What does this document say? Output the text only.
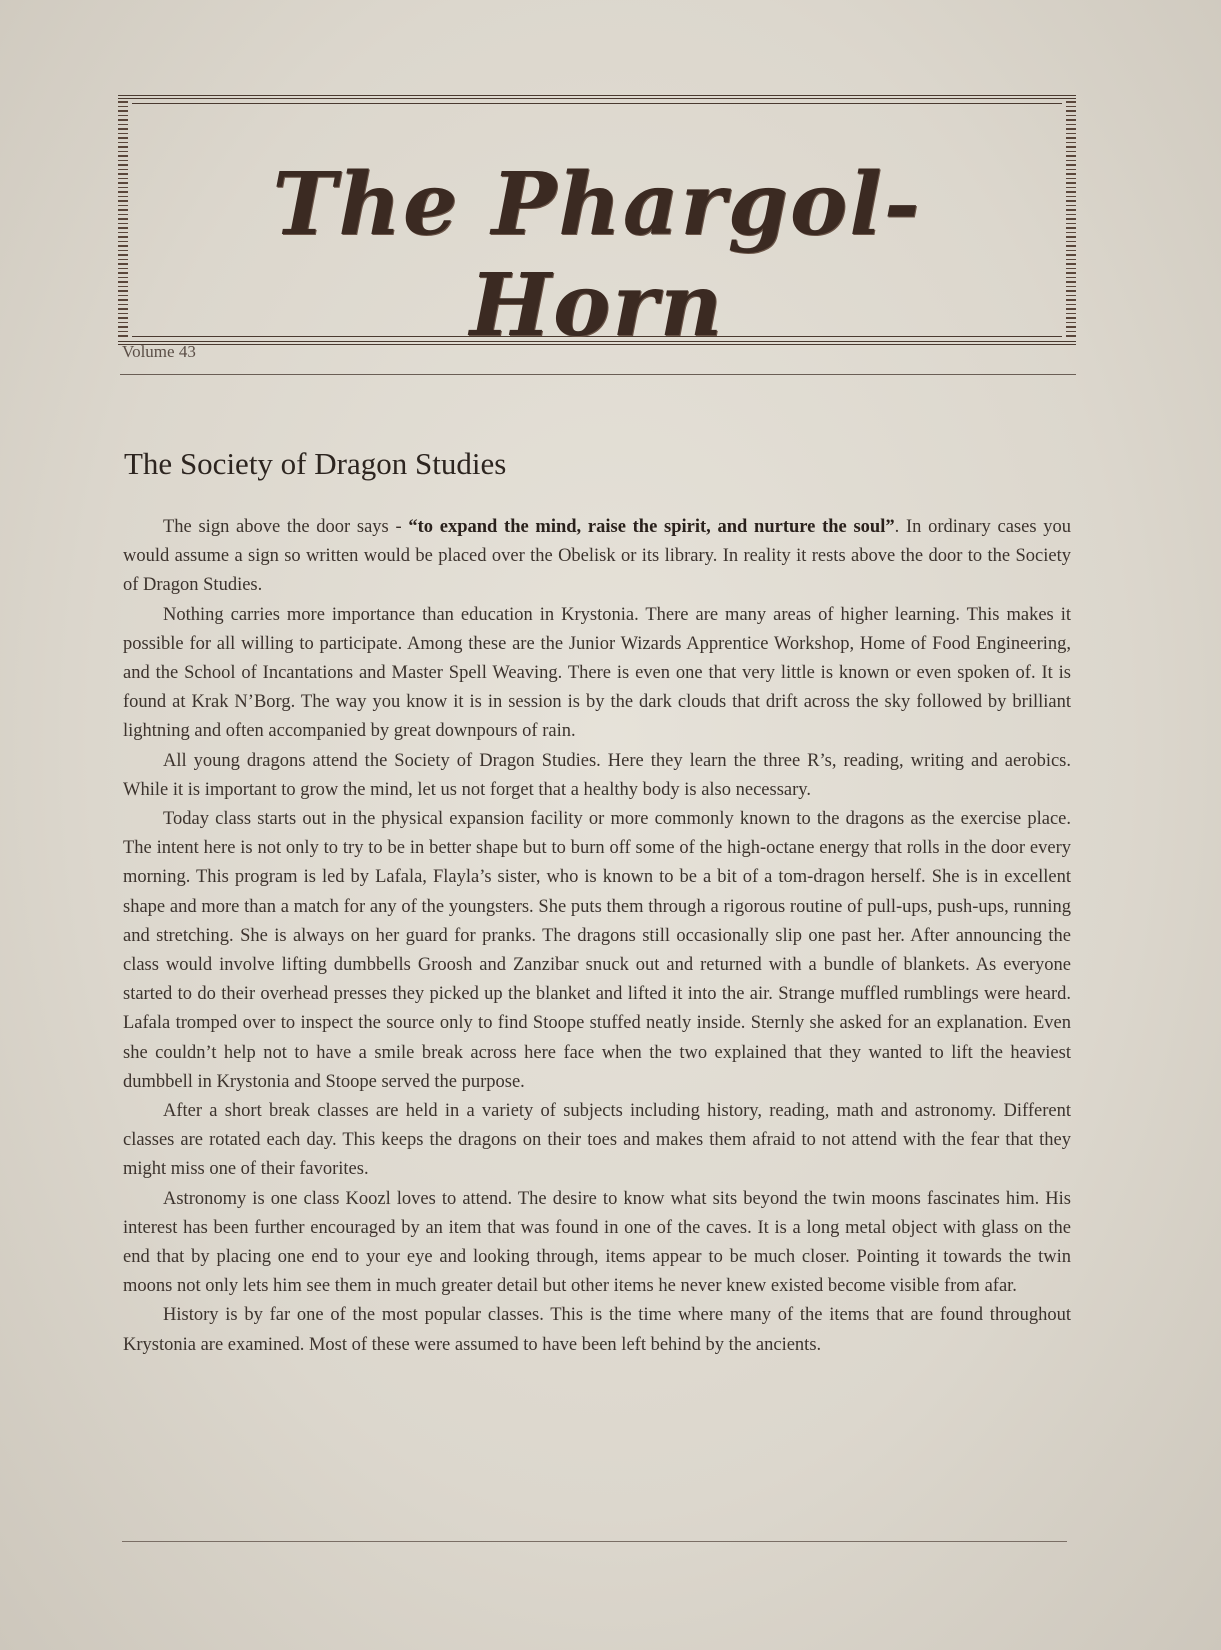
The Phargol-Horn
Volume 43
The Society of Dragon Studies

The sign above the door says - “to expand the mind, raise the spirit, and nurture the soul”. In ordinary cases you would assume a sign so written would be placed over the Obelisk or its library. In reality it rests above the door to the Society of Dragon Studies.

Nothing carries more importance than education in Krystonia. There are many areas of higher learning. This makes it possible for all willing to participate. Among these are the Junior Wizards Apprentice Workshop, Home of Food Engineering, and the School of Incantations and Master Spell Weaving. There is even one that very little is known or even spoken of. It is found at Krak N’Borg. The way you know it is in session is by the dark clouds that drift across the sky followed by brilliant lightning and often accompanied by great downpours of rain.

All young dragons attend the Society of Dragon Studies. Here they learn the three R’s, reading, writing and aerobics. While it is important to grow the mind, let us not forget that a healthy body is also necessary.

Today class starts out in the physical expansion facility or more commonly known to the dragons as the exercise place. The intent here is not only to try to be in better shape but to burn off some of the high-octane energy that rolls in the door every morning. This program is led by Lafala, Flayla’s sister, who is known to be a bit of a tom-dragon herself. She is in excellent shape and more than a match for any of the youngsters. She puts them through a rigorous routine of pull-ups, push-ups, running and stretching. She is always on her guard for pranks. The dragons still occasionally slip one past her. After announcing the class would involve lifting dumbbells Groosh and Zanzibar snuck out and returned with a bundle of blankets. As everyone started to do their overhead presses they picked up the blanket and lifted it into the air. Strange muffled rumblings were heard. Lafala tromped over to inspect the source only to find Stoope stuffed neatly inside. Sternly she asked for an explanation. Even she couldn’t help not to have a smile break across here face when the two explained that they wanted to lift the heaviest dumbbell in Krystonia and Stoope served the purpose.

After a short break classes are held in a variety of subjects including history, reading, math and astronomy. Different classes are rotated each day. This keeps the dragons on their toes and makes them afraid to not attend with the fear that they might miss one of their favorites.

Astronomy is one class Koozl loves to attend. The desire to know what sits beyond the twin moons fascinates him. His interest has been further encouraged by an item that was found in one of the caves. It is a long metal object with glass on the end that by placing one end to your eye and looking through, items appear to be much closer. Pointing it towards the twin moons not only lets him see them in much greater detail but other items he never knew existed become visible from afar.

History is by far one of the most popular classes. This is the time where many of the items that are found throughout Krystonia are examined. Most of these were assumed to have been left behind by the ancients.
